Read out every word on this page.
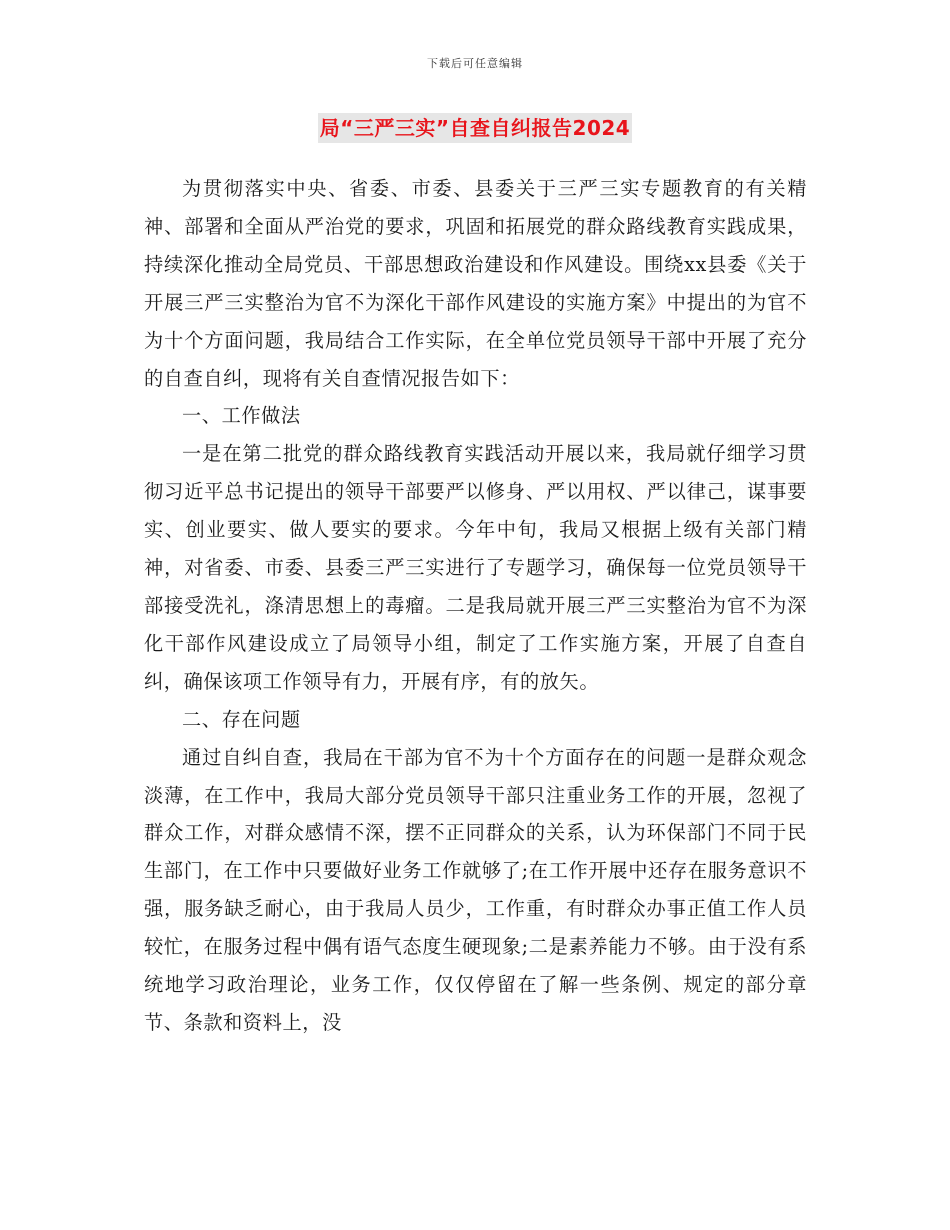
下载后可任意编辑
局“三严三实”自查自纠报告2024

为贯彻落实中央、省委、市委、县委关于三严三实专题教育的有关精神、部署和全面从严治党的要求，巩固和拓展党的群众路线教育实践成果，持续深化推动全局党员、干部思想政治建设和作风建设。围绕xx县委《关于开展三严三实整治为官不为深化干部作风建设的实施方案》中提出的为官不为十个方面问题，我局结合工作实际，在全单位党员领导干部中开展了充分的自查自纠，现将有关自查情况报告如下：

一、工作做法

一是在第二批党的群众路线教育实践活动开展以来，我局就仔细学习贯彻习近平总书记提出的领导干部要严以修身、严以用权、严以律己，谋事要实、创业要实、做人要实的要求。今年中旬，我局又根据上级有关部门精神，对省委、市委、县委三严三实进行了专题学习，确保每一位党员领导干部接受洗礼，涤清思想上的毒瘤。二是我局就开展三严三实整治为官不为深化干部作风建设成立了局领导小组，制定了工作实施方案，开展了自查自纠，确保该项工作领导有力，开展有序，有的放矢。

二、存在问题

通过自纠自查，我局在干部为官不为十个方面存在的问题一是群众观念淡薄，在工作中，我局大部分党员领导干部只注重业务工作的开展，忽视了群众工作，对群众感情不深，摆不正同群众的关系，认为环保部门不同于民生部门，在工作中只要做好业务工作就够了;在工作开展中还存在服务意识不强，服务缺乏耐心，由于我局人员少，工作重，有时群众办事正值工作人员较忙，在服务过程中偶有语气态度生硬现象;二是素养能力不够。由于没有系统地学习政治理论，业务工作，仅仅停留在了解一些条例、规定的部分章节、条款和资料上，没
